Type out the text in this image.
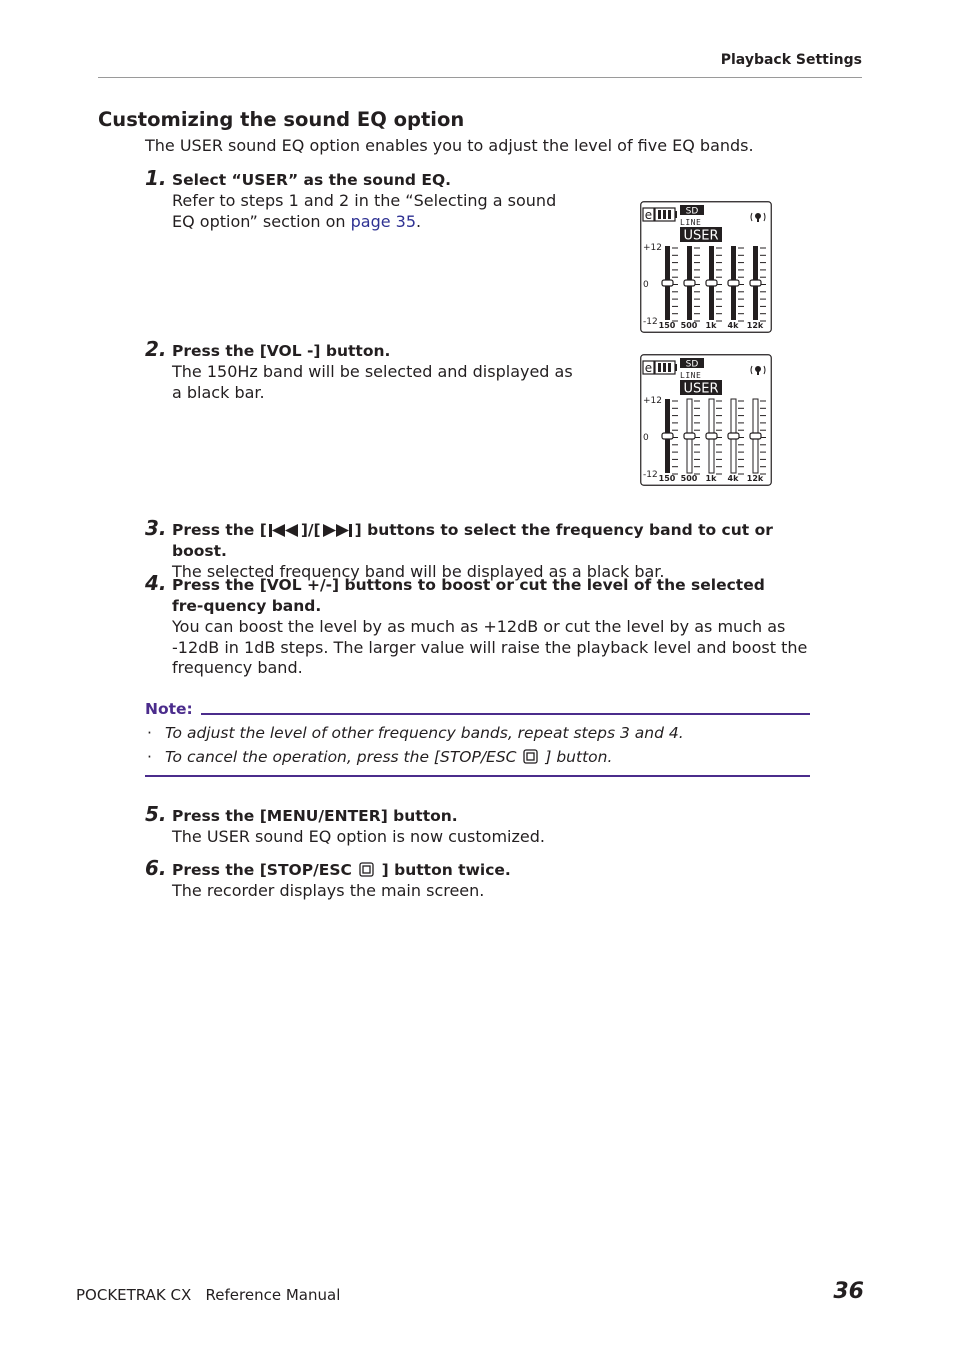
Playback Settings
Customizing the sound EQ option
The USER sound EQ option enables you to adjust the level of five EQ bands.
1. Select “USER” as the sound EQ.
Refer to steps 1 and 2 in the “Selecting a sound EQ option” section on page 35.	e	SD
LINE
USER
+12
0
-12 150 500 1k 4k 12k
2. Press the [VOL -] button.
The 150Hz band will be selected and displayed as a black bar.
e	SD
LINE
USER
+12
0
-12 150 500 1k 4k 12k
3. Press the [ ]/[ ] buttons to select the frequency band to cut or boost.
The selected frequency band will be displayed as a black bar.
4. Press the [VOL +/-] buttons to boost or cut the level of the selected fre-quency band.
You can boost the level by as much as +12dB or cut the level by as much as -12dB in 1dB steps. The larger value will raise the playback level and boost the frequency band.
Note:
· To adjust the level of other frequency bands, repeat steps 3 and 4.
· To cancel the operation, press the [STOP/ESC  ] button.
5. Press the [MENU/ENTER] button.
The USER sound EQ option is now customized.
6. Press the [STOP/ESC  ] button twice.
The recorder displays the main screen.
POCKETRAK CX Reference Manual	36
